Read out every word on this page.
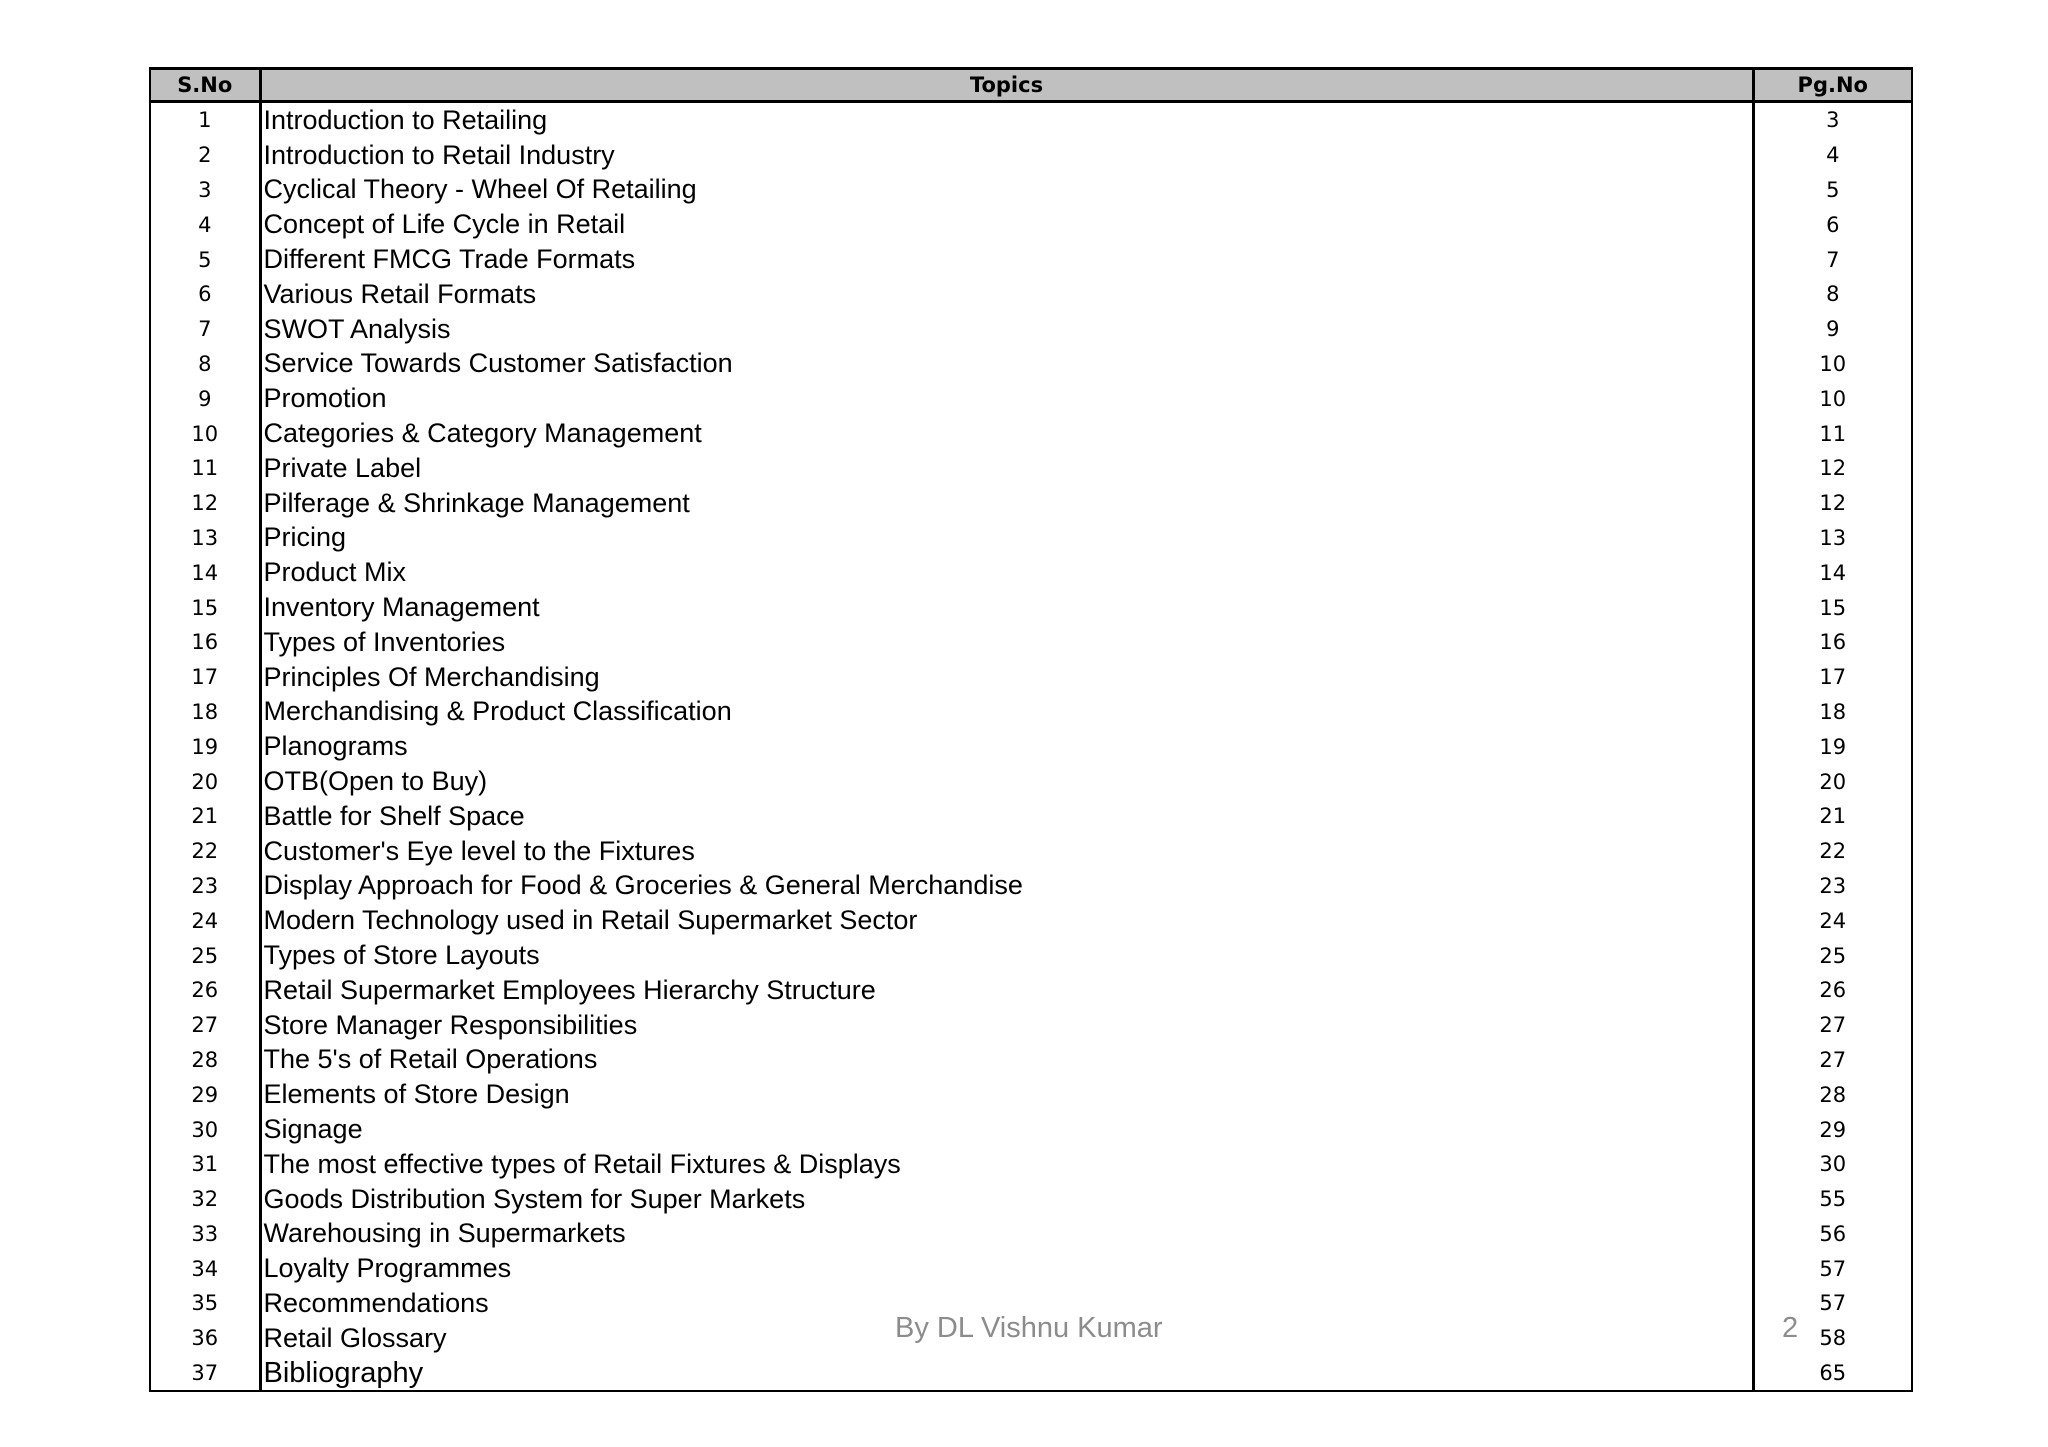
S.No	Topics	Pg.No
1	Introduction to Retailing	3
2	Introduction to Retail Industry	4
3	Cyclical Theory - Wheel Of Retailing	5
4	Concept of Life Cycle in Retail	6
5	Different FMCG Trade Formats	7
6	Various Retail Formats	8
7	SWOT Analysis	9
8	Service Towards Customer Satisfaction	10
9	Promotion	10
10	Categories & Category Management	11
11	Private Label	12
12	Pilferage & Shrinkage Management	12
13	Pricing	13
14	Product Mix	14
15	Inventory Management	15
16	Types of Inventories	16
17	Principles Of Merchandising	17
18	Merchandising & Product Classification	18
19	Planograms	19
20	OTB(Open to Buy)	20
21	Battle for Shelf Space	21
22	Customer's Eye level to the Fixtures	22
23	Display Approach for Food & Groceries & General Merchandise	23
24	Modern Technology used in Retail Supermarket Sector	24
25	Types of Store Layouts	25
26	Retail Supermarket Employees Hierarchy Structure	26
27	Store Manager Responsibilities	27
28	The 5's of Retail Operations	27
29	Elements of Store Design	28
30	Signage	29
31	The most effective types of Retail Fixtures & Displays	30
32	Goods Distribution System for Super Markets	55
33	Warehousing in Supermarkets	56
34	Loyalty Programmes	57
35	Recommendations	57
36	Retail Glossary	58
37	Bibliography	65
By DL Vishnu Kumar	2
